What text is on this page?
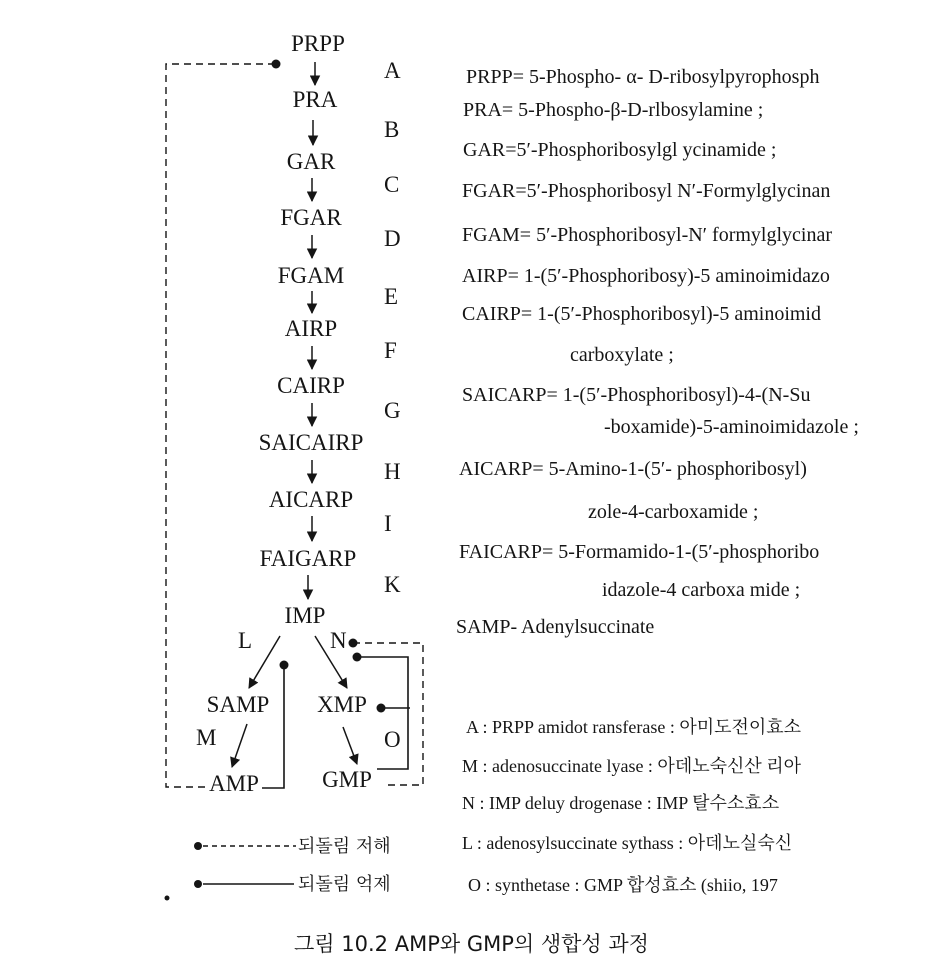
PRPP
PRA
GAR
FGAR
FGAM
AIRP
CAIRP
SAICAIRP
AICARP
FAIGARP
IMP
SAMP XMP
AMP	GMP
A
B
C
D
E
F
G
H
I
K
L	N
M	O
되돌림 저해
되돌림 억제
PRPP= 5-Phospho- α- D-ribosylpyrophosph
PRA= 5-Phospho-β-D-rlbosylamine ;
GAR=5′-Phosphoribosylgl ycinamide ;
FGAR=5′-Phosphoribosyl N′-Formylglycinan
FGAM= 5′-Phosphoribosyl-N′ formylglycinar
AIRP= 1-(5′-Phosphoribosy)-5 aminoimidazo
CAIRP= 1-(5′-Phosphoribosyl)-5 aminoimid
carboxylate ;
SAICARP= 1-(5′-Phosphoribosyl)-4-(N-Su
-boxamide)-5-aminoimidazole ;
AICARP= 5-Amino-1-(5′- phosphoribosyl)
zole-4-carboxamide ;
FAICARP= 5-Formamido-1-(5′-phosphoribo
idazole-4 carboxa mide ;
SAMP- Adenylsuccinate
A : PRPP amidot ransferase : 아미도전이효소
M : adenosuccinate lyase : 아데노숙신산 리아
N : IMP deluy drogenase : IMP 탈수소효소
L : adenosylsuccinate sythass : 아데노실숙신
O : synthetase : GMP 합성효소 (shiio, 197
그림 10.2 AMP와 GMP의 생합성 과정
